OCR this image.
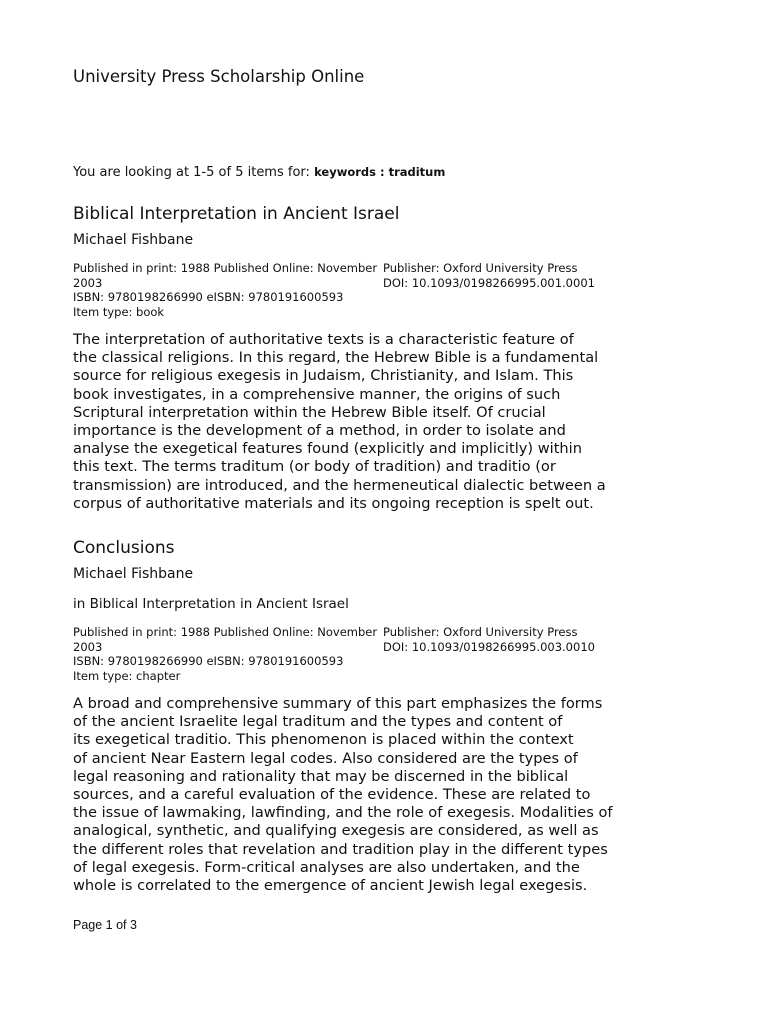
University Press Scholarship Online
You are looking at 1-5 of 5 items for: keywords : traditum
Biblical Interpretation in Ancient Israel
Michael Fishbane
Published in print: 1988 Published Online: November 2003
ISBN: 9780198266990 eISBN: 9780191600593
Item type: book
Publisher: Oxford University Press
DOI: 10.1093/0198266995.001.0001

The interpretation of authoritative texts is a characteristic feature of
the classical religions. In this regard, the Hebrew Bible is a fundamental
source for religious exegesis in Judaism, Christianity, and Islam. This
book investigates, in a comprehensive manner, the origins of such
Scriptural interpretation within the Hebrew Bible itself. Of crucial
importance is the development of a method, in order to isolate and
analyse the exegetical features found (explicitly and implicitly) within
this text. The terms traditum (or body of tradition) and traditio (or
transmission) are introduced, and the hermeneutical dialectic between a
corpus of authoritative materials and its ongoing reception is spelt out.

Conclusions
Michael Fishbane
in Biblical Interpretation in Ancient Israel
Published in print: 1988 Published Online: November 2003
ISBN: 9780198266990 eISBN: 9780191600593
Item type: chapter
Publisher: Oxford University Press
DOI: 10.1093/0198266995.003.0010

A broad and comprehensive summary of this part emphasizes the forms
of the ancient Israelite legal traditum and the types and content of
its exegetical traditio. This phenomenon is placed within the context
of ancient Near Eastern legal codes. Also considered are the types of
legal reasoning and rationality that may be discerned in the biblical
sources, and a careful evaluation of the evidence. These are related to
the issue of lawmaking, lawfinding, and the role of exegesis. Modalities of
analogical, synthetic, and qualifying exegesis are considered, as well as
the different roles that revelation and tradition play in the different types
of legal exegesis. Form-critical analyses are also undertaken, and the
whole is correlated to the emergence of ancient Jewish legal exegesis.

Page 1 of 3
